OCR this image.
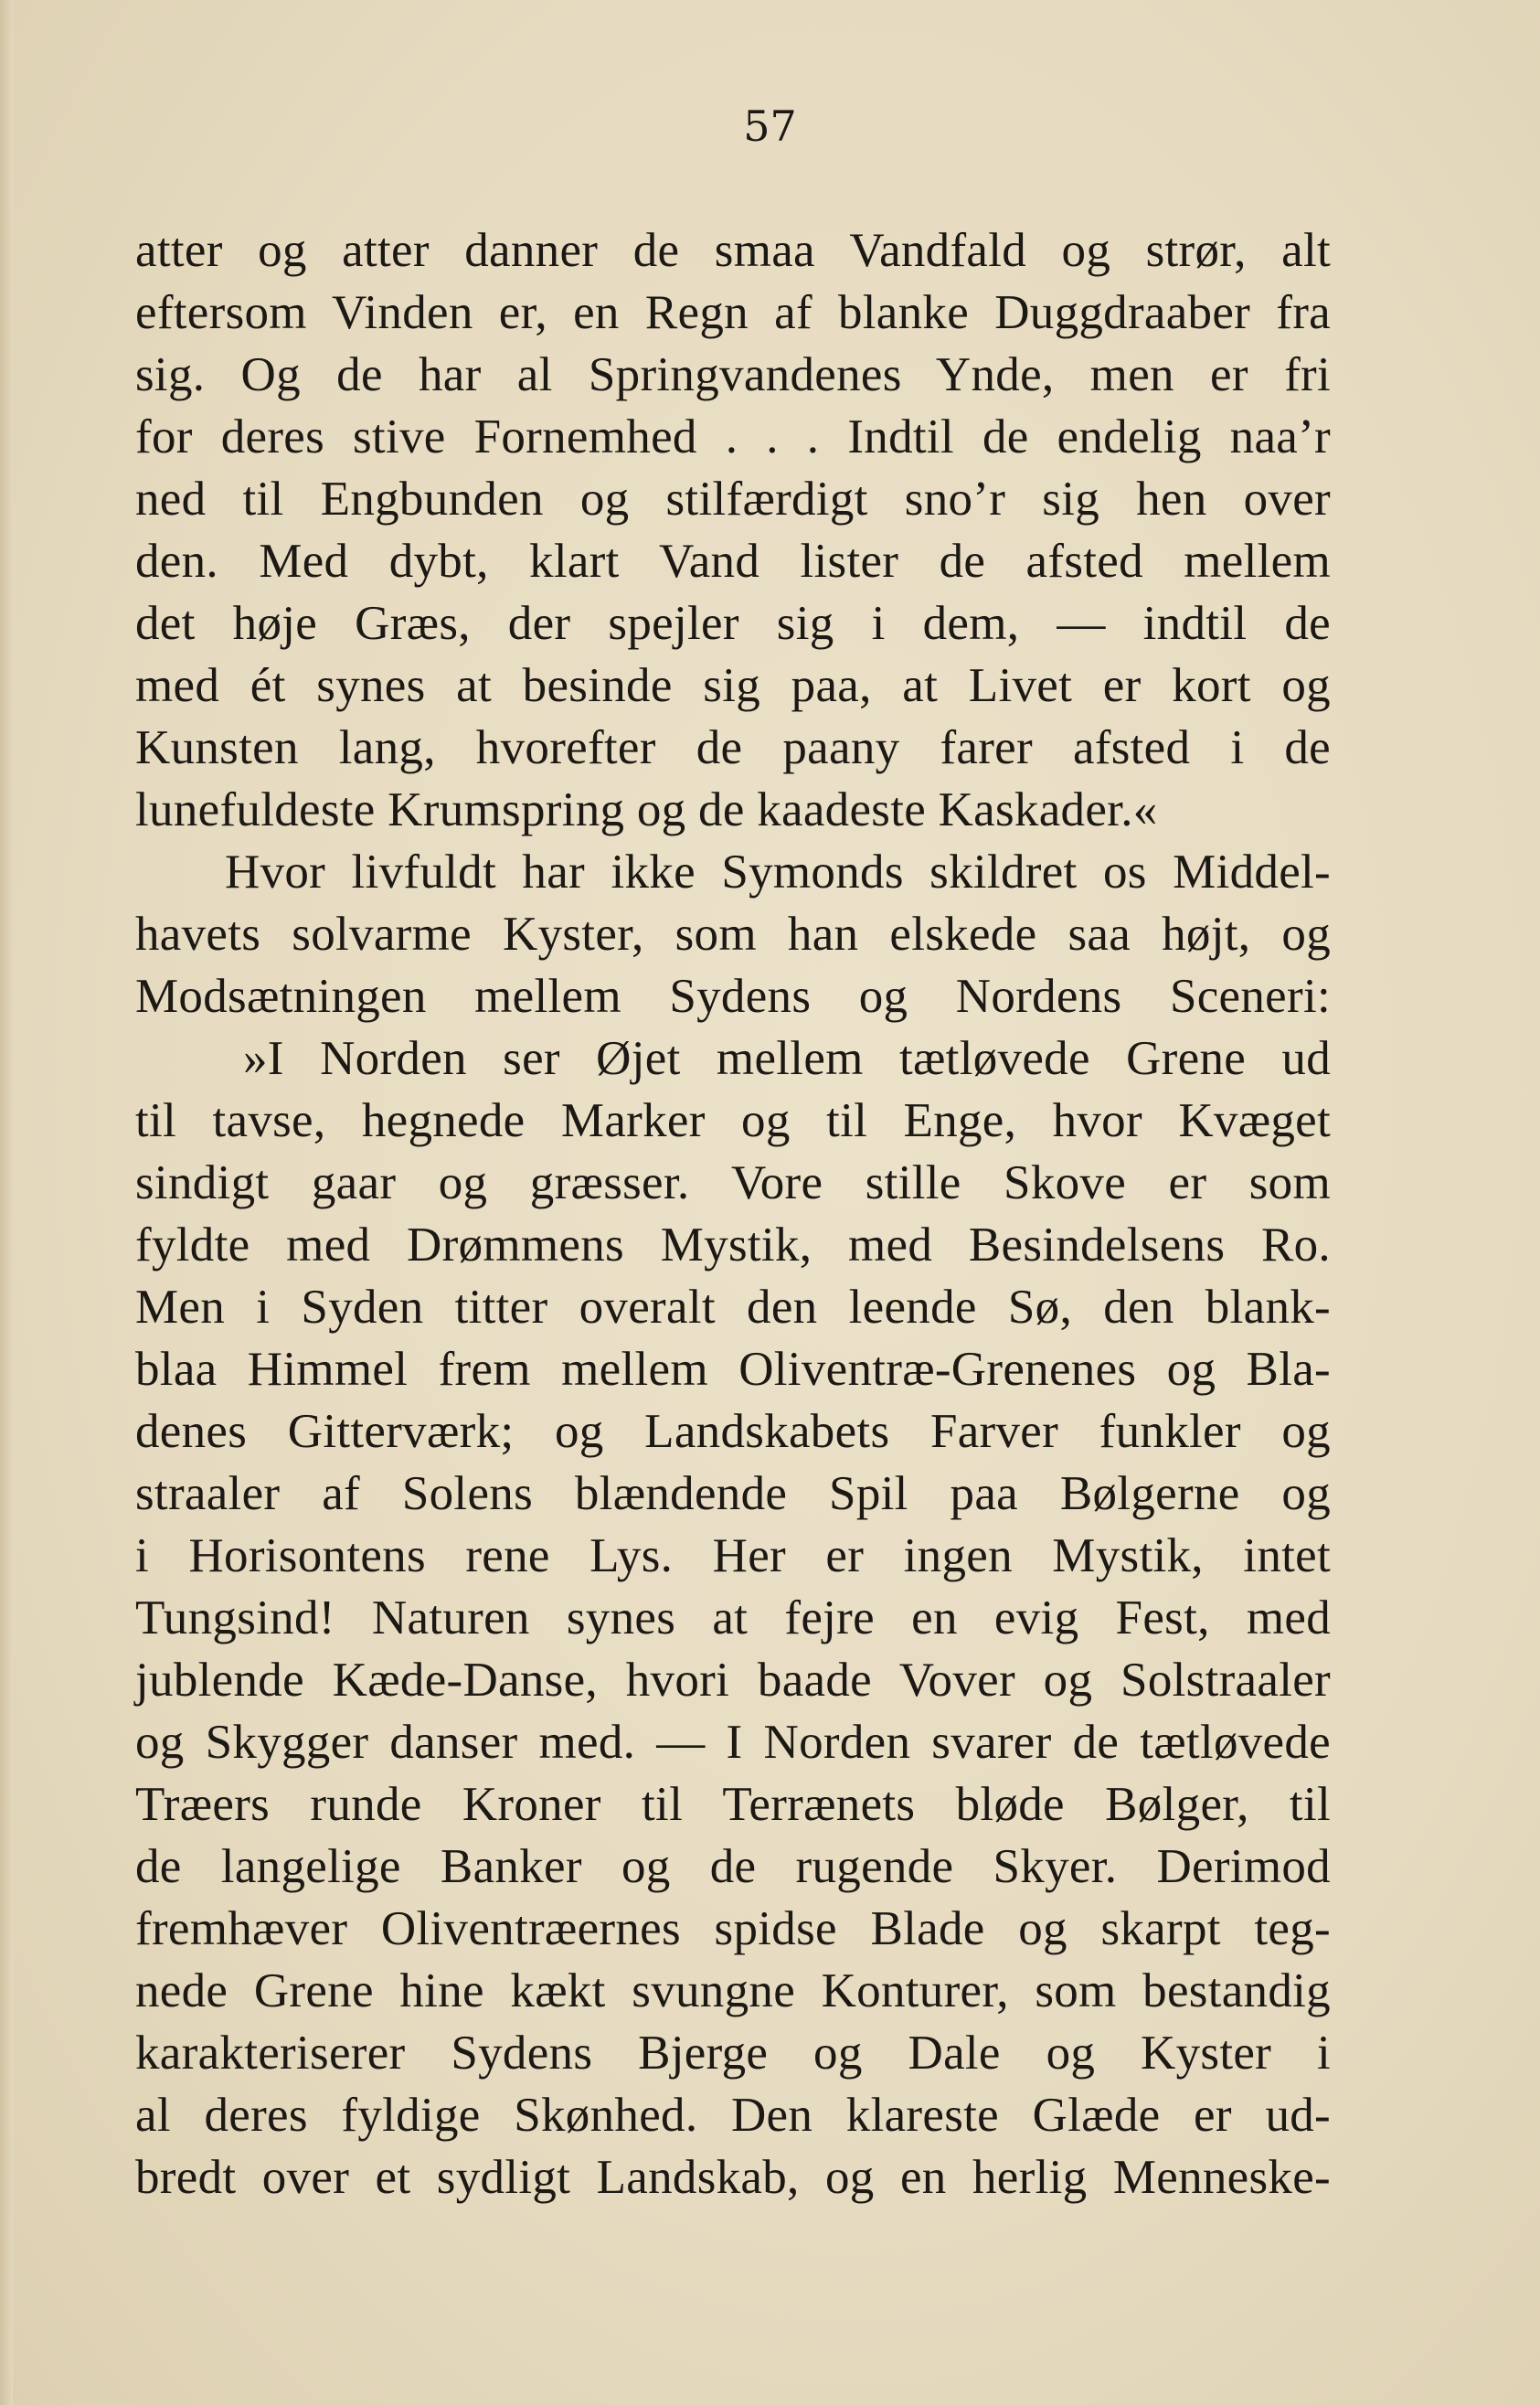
57
atter og atter danner de smaa Vandfald og strør, alt
eftersom Vinden er, en Regn af blanke Duggdraaber fra
sig. Og de har al Springvandenes Ynde, men er fri
for deres stive Fornemhed . . . Indtil de endelig naa’r
ned til Engbunden og stilfærdigt sno’r sig hen over
den. Med dybt, klart Vand lister de afsted mellem
det høje Græs, der spejler sig i dem, — indtil de
med ét synes at besinde sig paa, at Livet er kort og
Kunsten lang, hvorefter de paany farer afsted i de
lunefuldeste Krumspring og de kaadeste Kaskader.«
Hvor livfuldt har ikke Symonds skildret os Middel-
havets solvarme Kyster, som han elskede saa højt, og
Modsætningen mellem Sydens og Nordens Sceneri:
»I Norden ser Øjet mellem tætløvede Grene ud
til tavse, hegnede Marker og til Enge, hvor Kvæget
sindigt gaar og græsser. Vore stille Skove er som
fyldte med Drømmens Mystik, med Besindelsens Ro.
Men i Syden titter overalt den leende Sø, den blank-
blaa Himmel frem mellem Oliventræ-Grenenes og Bla-
denes Gitterværk; og Landskabets Farver funkler og
straaler af Solens blændende Spil paa Bølgerne og
i Horisontens rene Lys. Her er ingen Mystik, intet
Tungsind! Naturen synes at fejre en evig Fest, med
jublende Kæde-Danse, hvori baade Vover og Solstraaler
og Skygger danser med. — I Norden svarer de tætløvede
Træers runde Kroner til Terrænets bløde Bølger, til
de langelige Banker og de rugende Skyer. Derimod
fremhæver Oliventræernes spidse Blade og skarpt teg-
nede Grene hine kækt svungne Konturer, som bestandig
karakteriserer Sydens Bjerge og Dale og Kyster i
al deres fyldige Skønhed. Den klareste Glæde er ud-
bredt over et sydligt Landskab, og en herlig Menneske-
